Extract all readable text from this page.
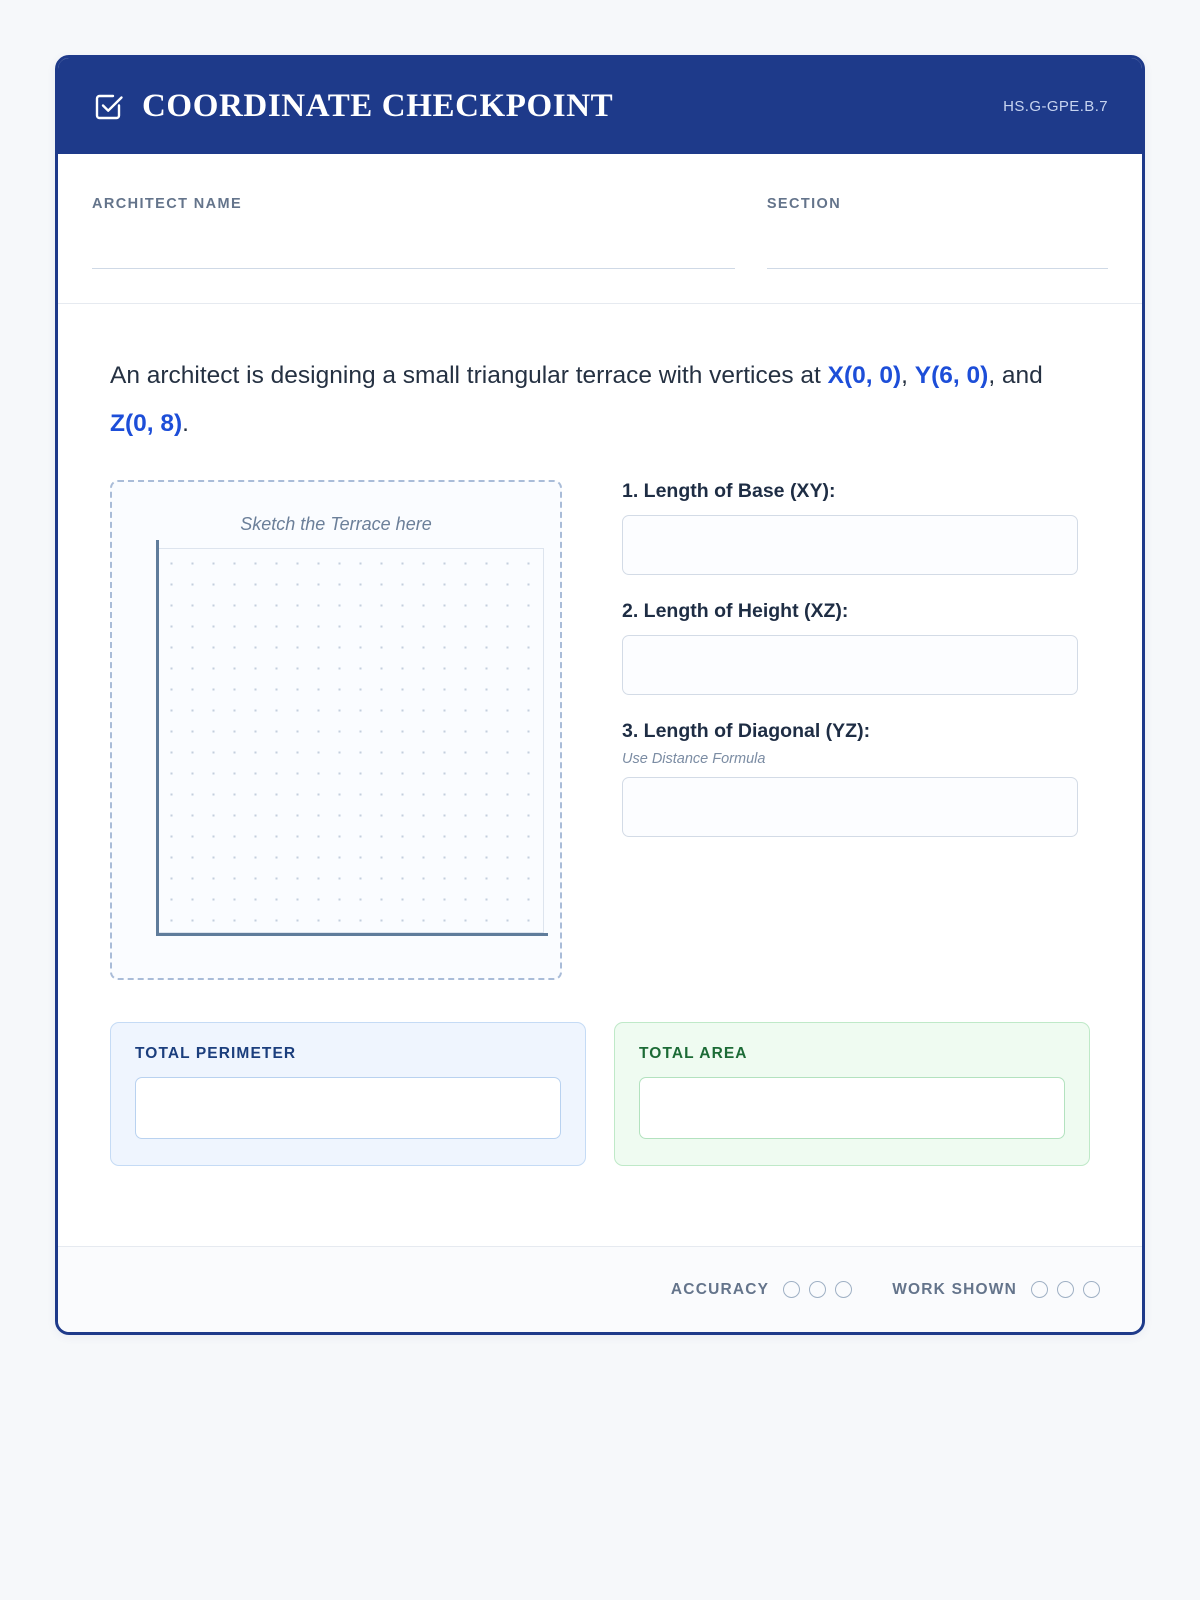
COORDINATE CHECKPOINT	HS.G-GPE.B.7
ARCHITECT NAME	SECTION
An architect is designing a small triangular terrace with vertices at X(0, 0), Y(6, 0), and Z(0, 8).
Sketch the Terrace here
1. Length of Base (XY):
2. Length of Height (XZ):
3. Length of Diagonal (YZ):
Use Distance Formula
TOTAL PERIMETER	TOTAL AREA
ACCURACY	WORK SHOWN
